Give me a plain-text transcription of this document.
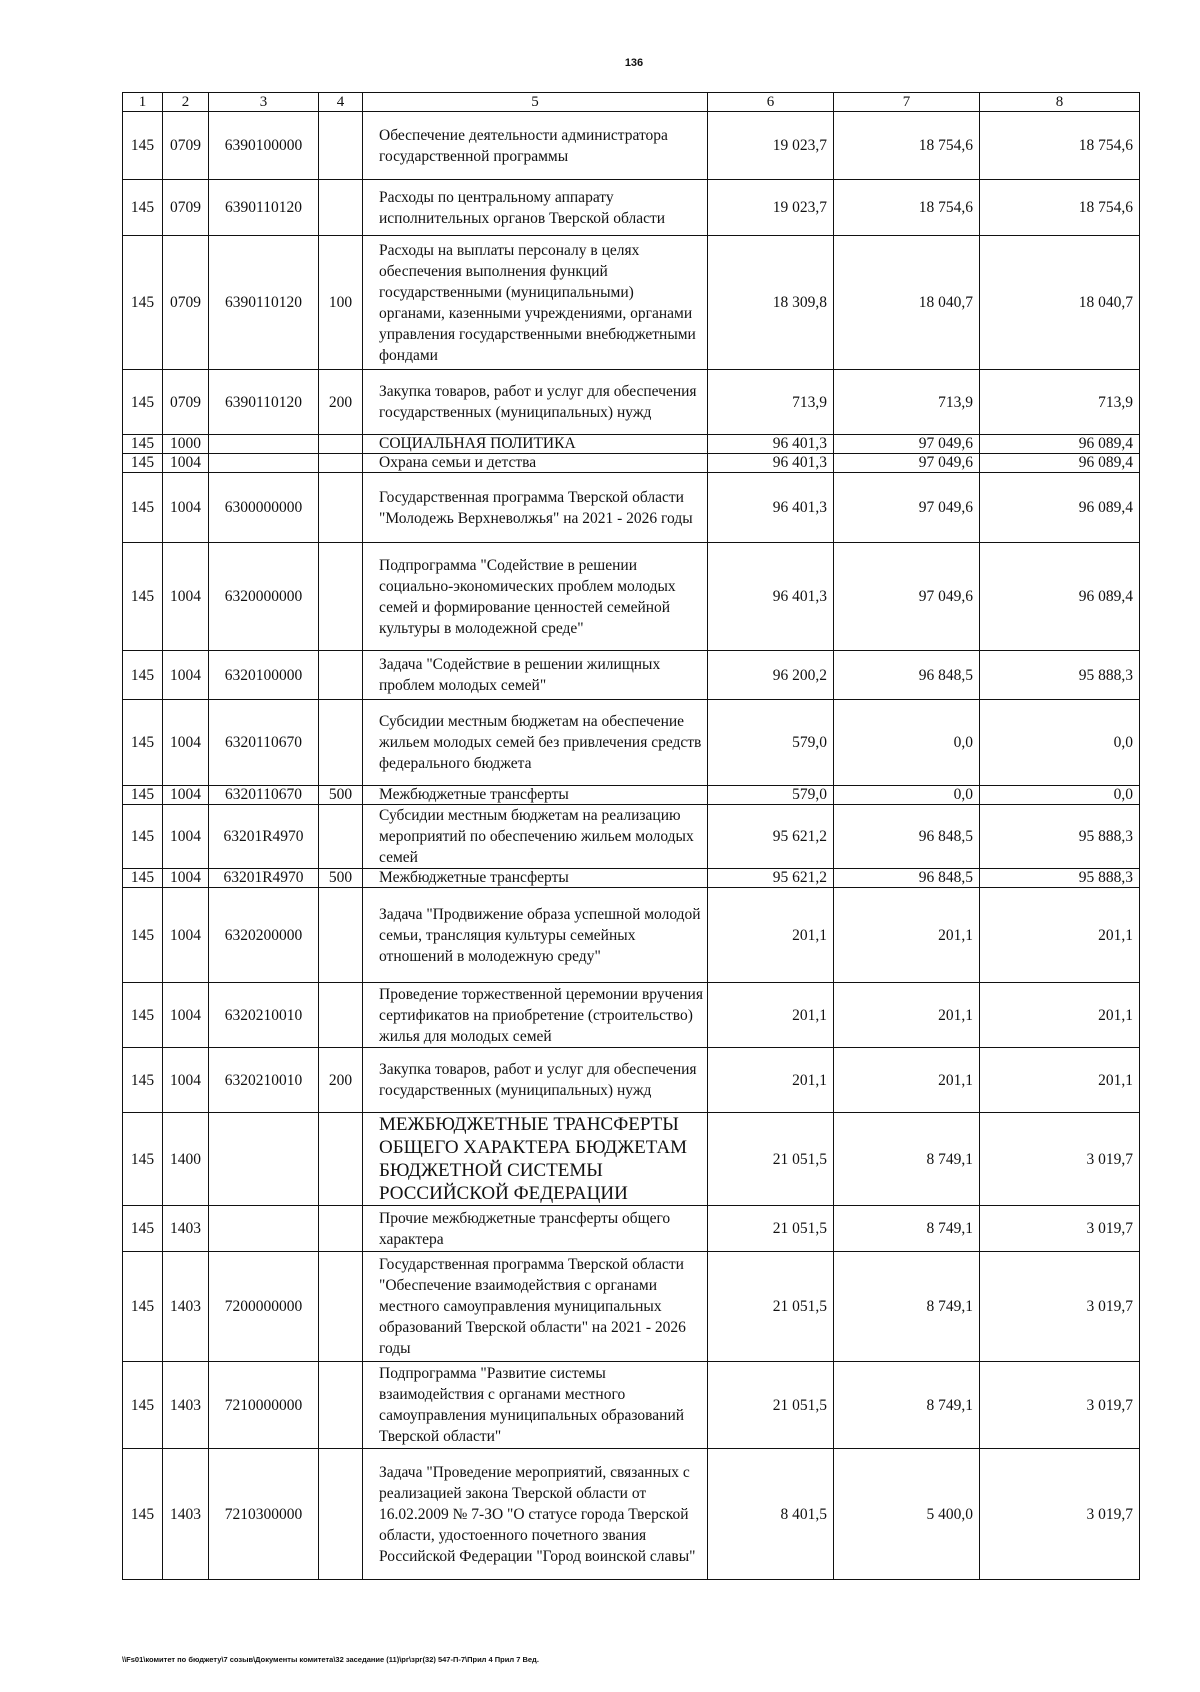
136
1	2	3	4	5	6	7	8
145	0709	6390100000		Обеспечение деятельности администратора государственной программы	19 023,7	18 754,6	18 754,6
145	0709	6390110120		Расходы по центральному аппарату исполнительных органов Тверской области	19 023,7	18 754,6	18 754,6
145	0709	6390110120	100	Расходы на выплаты персоналу в целях обеспечения выполнения функций государственными (муниципальными) органами, казенными учреждениями, органами управления государственными внебюджетными фондами	18 309,8	18 040,7	18 040,7
145	0709	6390110120	200	Закупка товаров, работ и услуг для обеспечения государственных (муниципальных) нужд	713,9	713,9	713,9
145	1000			СОЦИАЛЬНАЯ ПОЛИТИКА	96 401,3	97 049,6	96 089,4
145	1004			Охрана семьи и детства	96 401,3	97 049,6	96 089,4
145	1004	6300000000		Государственная программа Тверской области "Молодежь Верхневолжья" на 2021 - 2026 годы	96 401,3	97 049,6	96 089,4
145	1004	6320000000		Подпрограмма "Содействие в решении социально-экономических проблем молодых семей и формирование ценностей семейной культуры в молодежной среде"	96 401,3	97 049,6	96 089,4
145	1004	6320100000		Задача "Содействие в решении жилищных проблем молодых семей"	96 200,2	96 848,5	95 888,3
145	1004	6320110670		Субсидии местным бюджетам на обеспечение жильем молодых семей без привлечения средств федерального бюджета	579,0	0,0	0,0
145	1004	6320110670	500	Межбюджетные трансферты	579,0	0,0	0,0
145	1004	63201R4970		Субсидии местным бюджетам на реализацию мероприятий по обеспечению жильем молодых семей	95 621,2	96 848,5	95 888,3
145	1004	63201R4970	500	Межбюджетные трансферты	95 621,2	96 848,5	95 888,3
145	1004	6320200000		Задача "Продвижение образа успешной молодой семьи, трансляция культуры семейных отношений в молодежную среду"	201,1	201,1	201,1
145	1004	6320210010		Проведение торжественной церемонии вручения сертификатов на приобретение (строительство) жилья для молодых семей	201,1	201,1	201,1
145	1004	6320210010	200	Закупка товаров, работ и услуг для обеспечения государственных (муниципальных) нужд	201,1	201,1	201,1
145	1400			МЕЖБЮДЖЕТНЫЕ ТРАНСФЕРТЫ ОБЩЕГО ХАРАКТЕРА БЮДЖЕТАМ БЮДЖЕТНОЙ СИСТЕМЫ РОССИЙСКОЙ ФЕДЕРАЦИИ	21 051,5	8 749,1	3 019,7
145	1403			Прочие межбюджетные трансферты общего характера	21 051,5	8 749,1	3 019,7
145	1403	7200000000		Государственная программа Тверской области "Обеспечение взаимодействия с органами местного самоуправления муниципальных образований Тверской области" на 2021 - 2026 годы	21 051,5	8 749,1	3 019,7
145	1403	7210000000		Подпрограмма "Развитие системы взаимодействия с органами местного самоуправления муниципальных образований Тверской области"	21 051,5	8 749,1	3 019,7
145	1403	7210300000		Задача "Проведение мероприятий, связанных с реализацией закона Тверской области от 16.02.2009 № 7-ЗО "О статусе города Тверской области, удостоенного почетного звания Российской Федерации "Город воинской славы"	8 401,5	5 400,0	3 019,7
\\Fs01\комитет по бюджету\7 созыв\Документы комитета\32 заседание (11)\рг\зрг(32) 547-П-7\Прил 4 Прил 7 Вед.
